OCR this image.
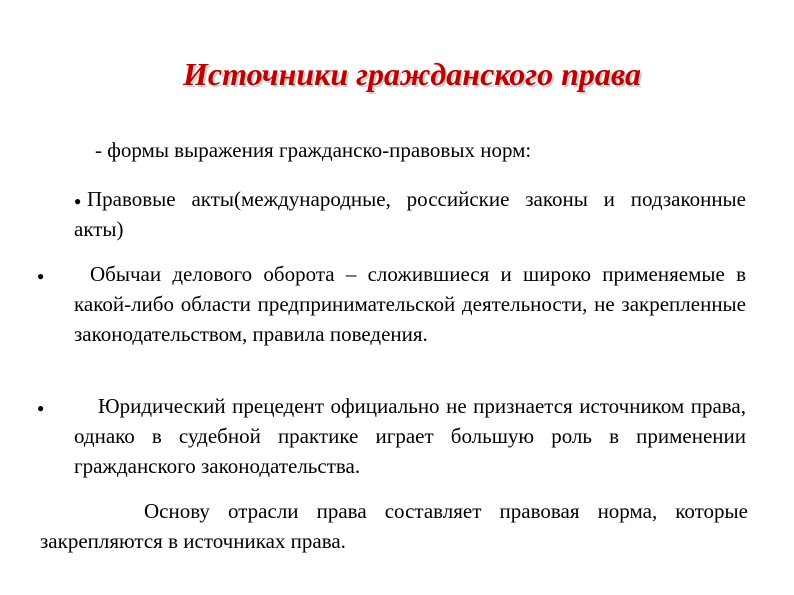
Источники гражданского права
- формы выражения гражданско-правовых норм:
● Правовые акты(международные, российские законы и подзаконные акты)
●	Обычаи делового оборота – сложившиеся и широко применяемые в какой-либо области предпринимательской деятельности, не закрепленные законодательством, правила поведения.
●	Юридический прецедент официально не признается источником права, однако в судебной практике играет большую роль в применении гражданского законодательства.
Основу отрасли права составляет правовая норма, которые закрепляются в источниках права.
